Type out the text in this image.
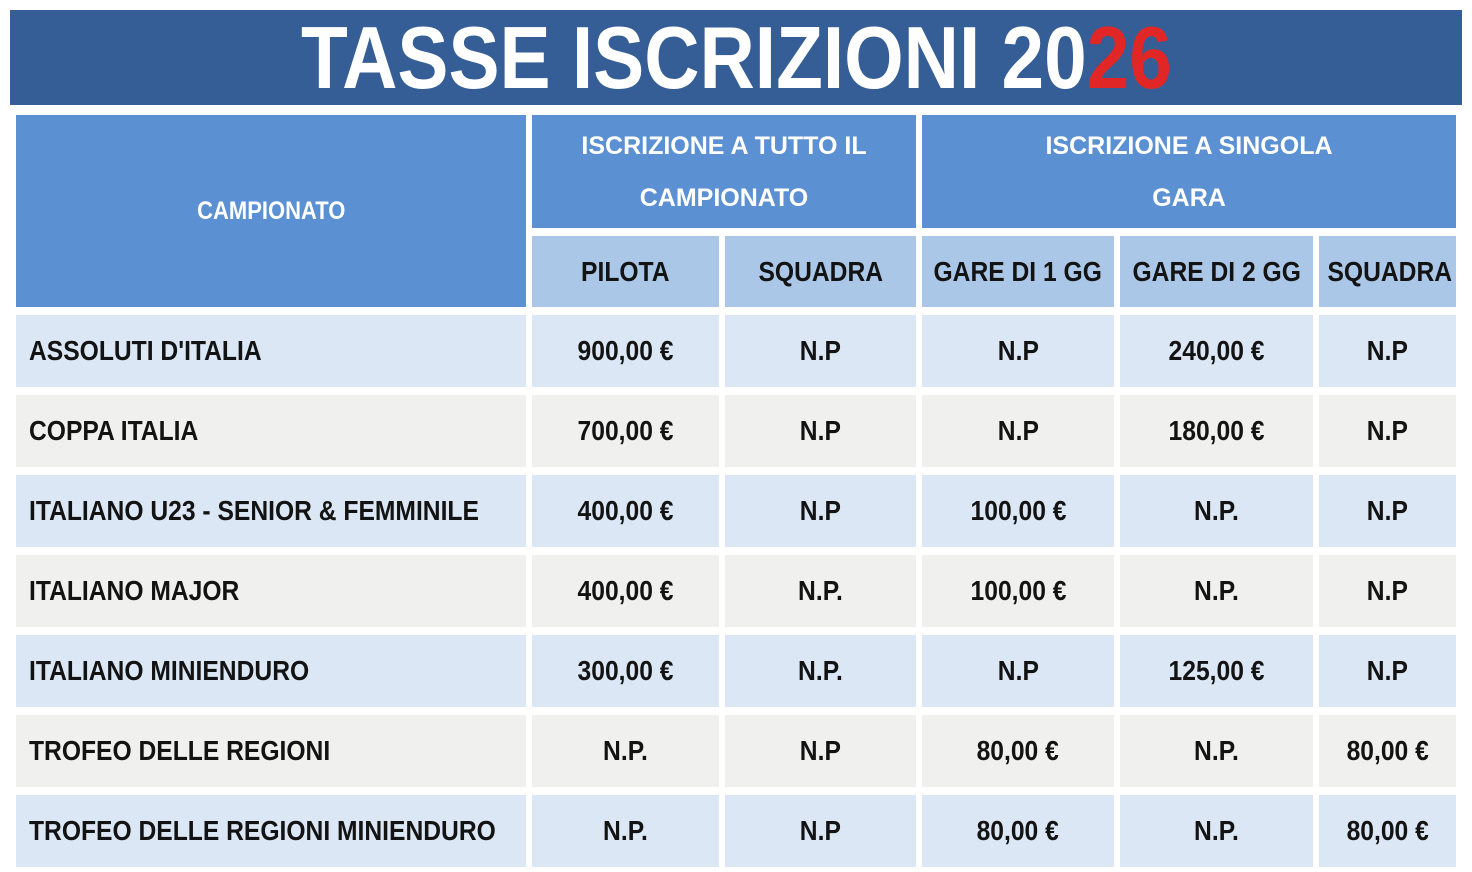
TASSE ISCRIZIONI 2026
CAMPIONATO	ISCRIZIONE A TUTTO IL CAMPIONATO		ISCRIZIONE A SINGOLA GARA		
	PILOTA	SQUADRA	GARE DI 1 GG	GARE DI 2 GG	SQUADRA
ASSOLUTI D'ITALIA	900,00 €	N.P	N.P	240,00 €	N.P
COPPA ITALIA	700,00 €	N.P	N.P	180,00 €	N.P
ITALIANO U23 - SENIOR & FEMMINILE	400,00 €	N.P	100,00 €	N.P.	N.P
ITALIANO MAJOR	400,00 €	N.P.	100,00 €	N.P.	N.P
ITALIANO MINIENDURO	300,00 €	N.P.	N.P	125,00 €	N.P
TROFEO DELLE REGIONI	N.P.	N.P	80,00 €	N.P.	80,00 €
TROFEO DELLE REGIONI MINIENDURO	N.P.	N.P	80,00 €	N.P.	80,00 €
